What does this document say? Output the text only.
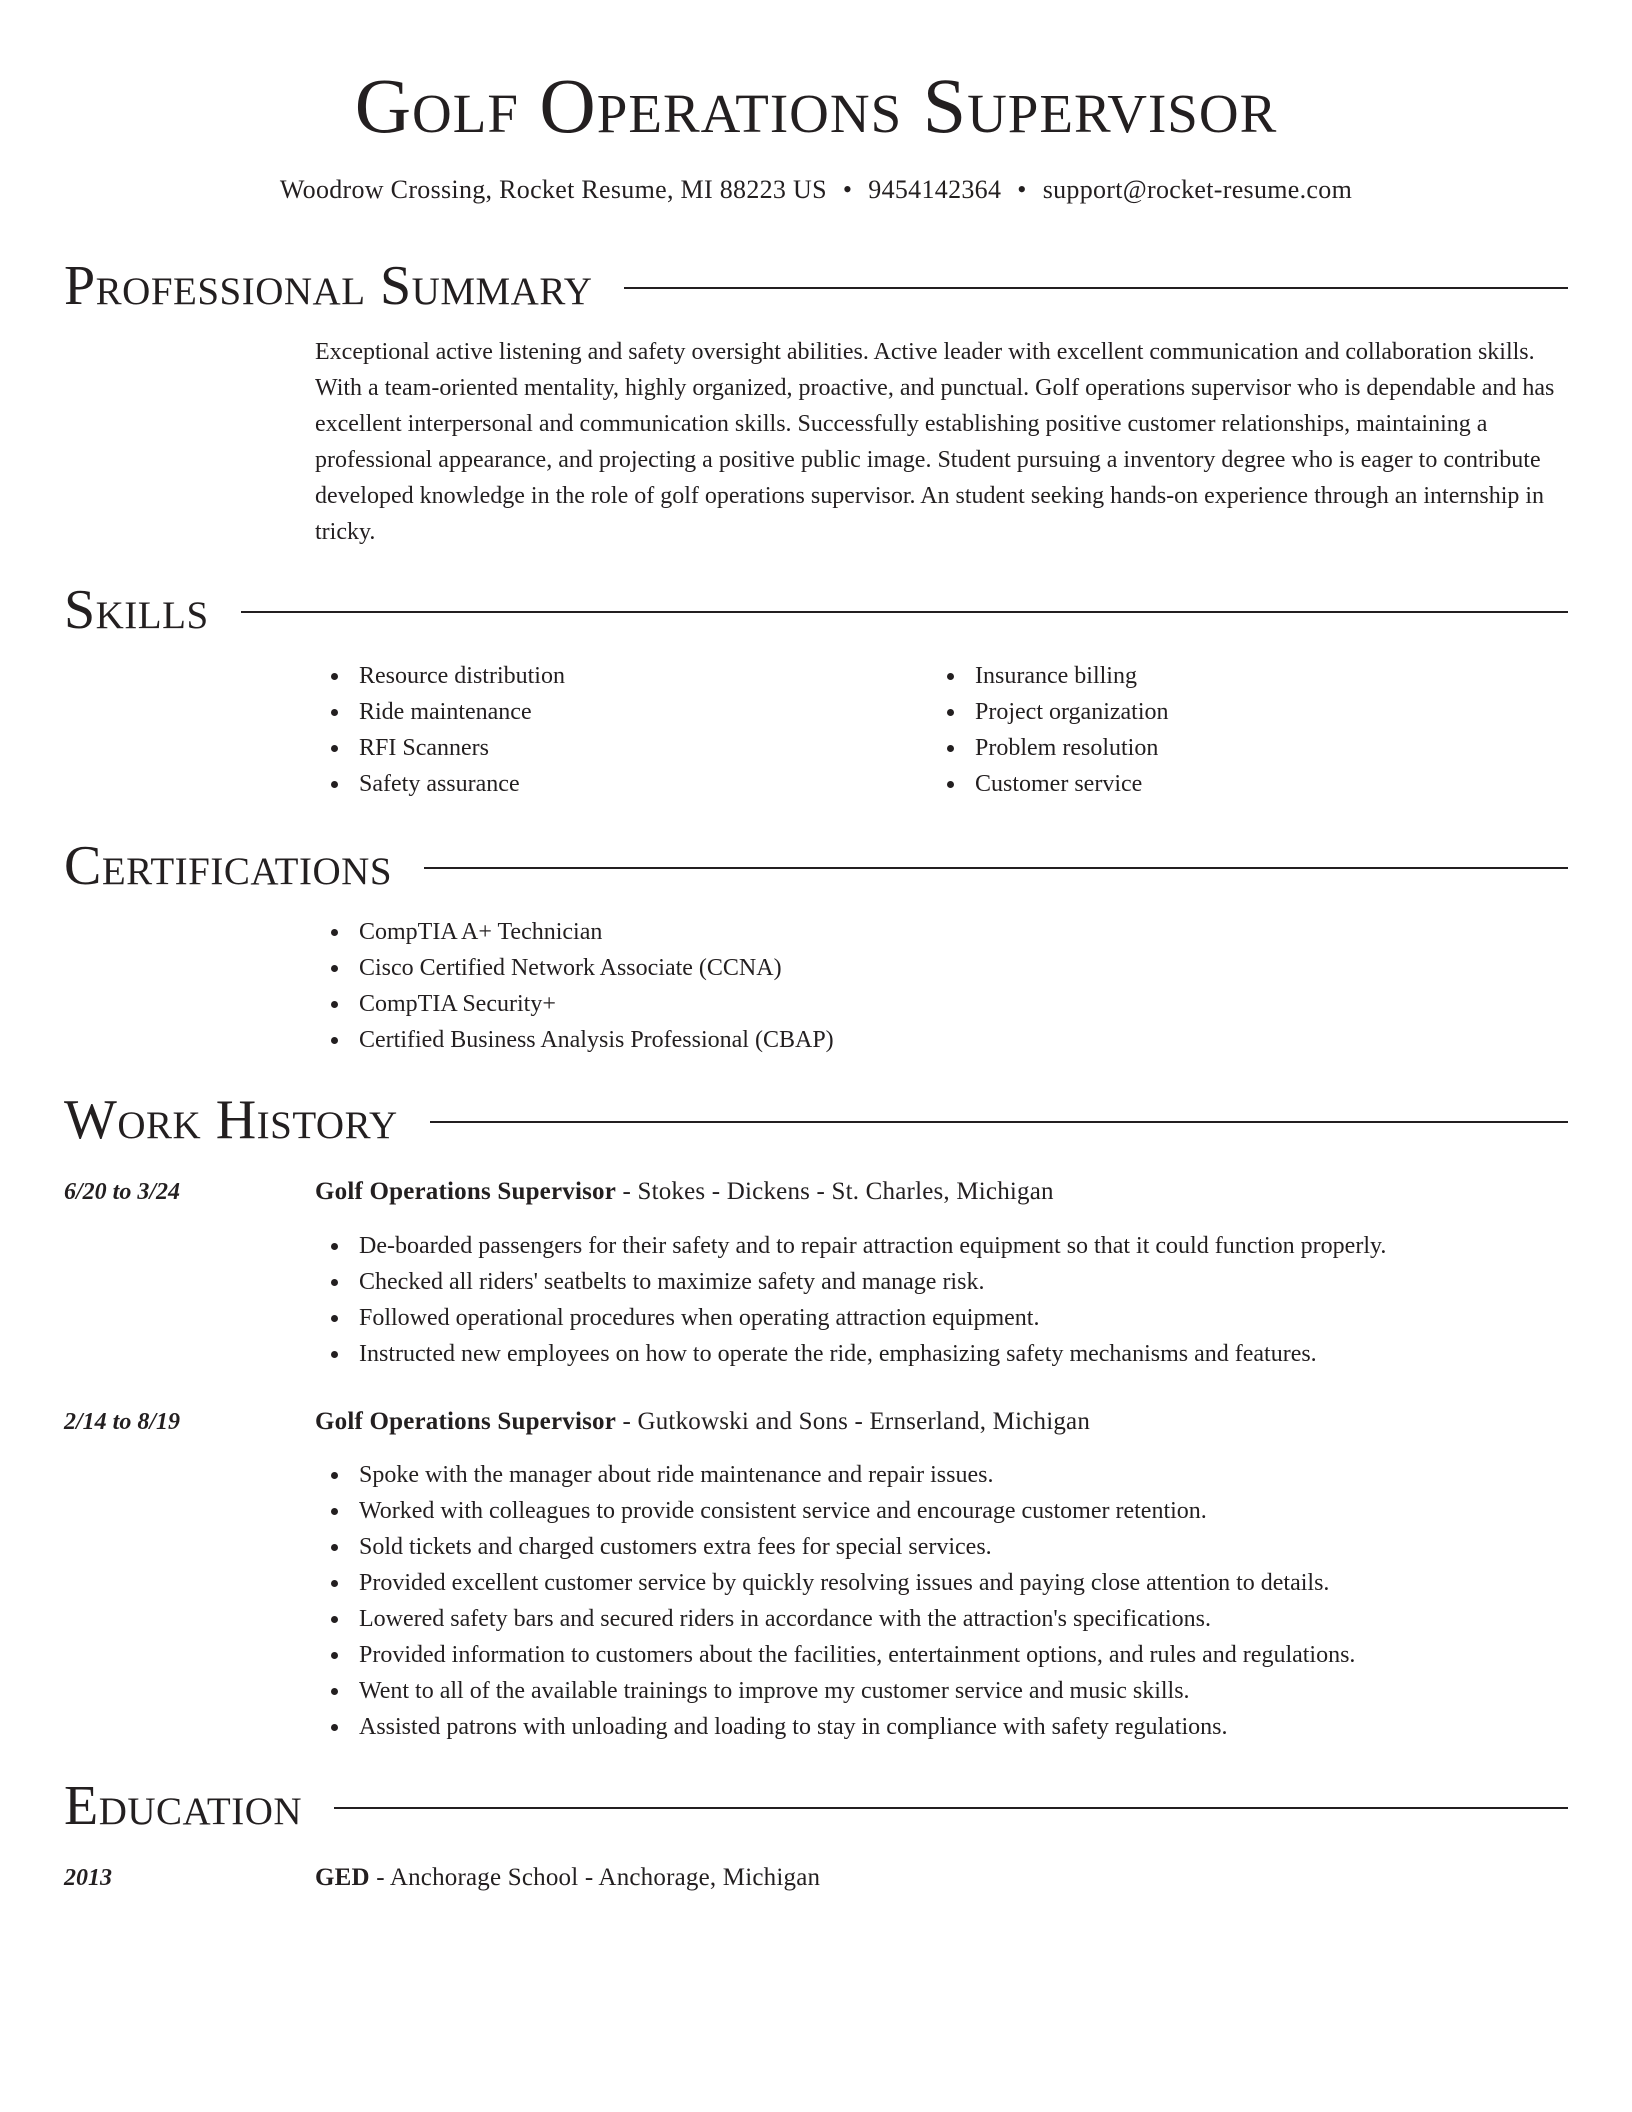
Golf Operations Supervisor
Woodrow Crossing, Rocket Resume, MI 88223 US • 9454142364 • support@rocket-resume.com
Professional Summary

Exceptional active listening and safety oversight abilities. Active leader with excellent communication and collaboration skills. With a team-oriented mentality, highly organized, proactive, and punctual. Golf operations supervisor who is dependable and has excellent interpersonal and communication skills. Successfully establishing positive customer relationships, maintaining a professional appearance, and projecting a positive public image. Student pursuing a inventory degree who is eager to contribute developed knowledge in the role of golf operations supervisor. An student seeking hands-on experience through an internship in tricky.

Skills
Resource distribution
Ride maintenance
RFI Scanners
Safety assurance
Insurance billing
Project organization
Problem resolution
Customer service
Certifications
CompTIA A+ Technician
Cisco Certified Network Associate (CCNA)
CompTIA Security+
Certified Business Analysis Professional (CBAP)
Work History
6/20 to 3/24	Golf Operations Supervisor - Stokes - Dickens - St. Charles, Michigan
De-boarded passengers for their safety and to repair attraction equipment so that it could function properly.
Checked all riders' seatbelts to maximize safety and manage risk.
Followed operational procedures when operating attraction equipment.
Instructed new employees on how to operate the ride, emphasizing safety mechanisms and features.
2/14 to 8/19	Golf Operations Supervisor - Gutkowski and Sons - Ernserland, Michigan
Spoke with the manager about ride maintenance and repair issues.
Worked with colleagues to provide consistent service and encourage customer retention.
Sold tickets and charged customers extra fees for special services.
Provided excellent customer service by quickly resolving issues and paying close attention to details.
Lowered safety bars and secured riders in accordance with the attraction's specifications.
Provided information to customers about the facilities, entertainment options, and rules and regulations.
Went to all of the available trainings to improve my customer service and music skills.
Assisted patrons with unloading and loading to stay in compliance with safety regulations.
Education
2013	GED - Anchorage School - Anchorage, Michigan
